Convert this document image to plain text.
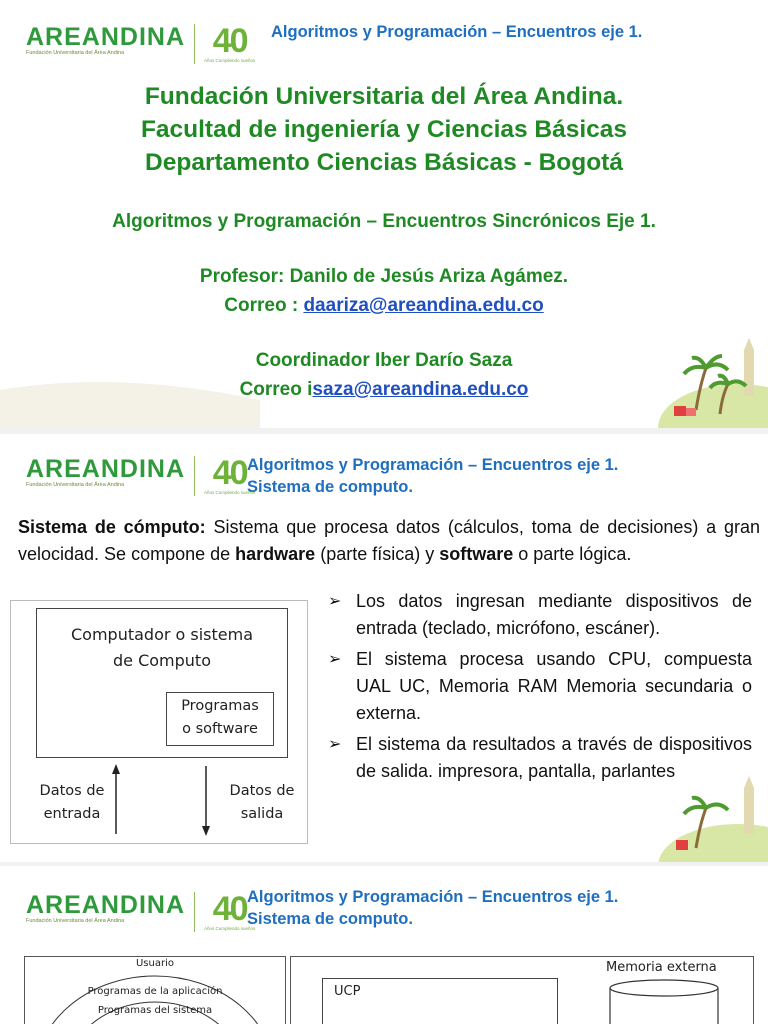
AREANDINA
Fundación Universitaria del Área Andina	40
Años Cumpliendo sueños
Algoritmos y Programación – Encuentros eje 1.
Fundación Universitaria del Área Andina.
Facultad de ingeniería y Ciencias Básicas
Departamento Ciencias Básicas - Bogotá
Algoritmos y Programación – Encuentros Sincrónicos Eje 1.
Profesor: Danilo de Jesús Ariza Agámez.
Correo : daariza@areandina.edu.co
Coordinador Iber Darío Saza
Correo isaza@areandina.edu.co
AREANDINA
Fundación Universitaria del Área Andina	40
Años Cumpliendo sueños
Algoritmos y Programación – Encuentros eje 1.
Sistema de computo.

Sistema de cómputo: Sistema que procesa datos (cálculos, toma de decisiones) a gran velocidad. Se compone de hardware (parte física) y software o parte lógica.

Computador o sistema
de Computo
Programas
o software
Datos de
entrada
Datos de
salida
➢ Los datos ingresan mediante dispositivos de entrada (teclado, micrófono, escáner).
➢ El sistema procesa usando CPU, compuesta UAL UC, Memoria RAM Memoria secundaria o externa.
➢ El sistema da resultados a través de dispositivos de salida. impresora, pantalla, parlantes
AREANDINA
Fundación Universitaria del Área Andina	40
Años Cumpliendo sueños
Algoritmos y Programación – Encuentros eje 1.
Sistema de computo.
Usuario
Programas de la aplicación
Programas del sistema
UCP
Memoria externa
